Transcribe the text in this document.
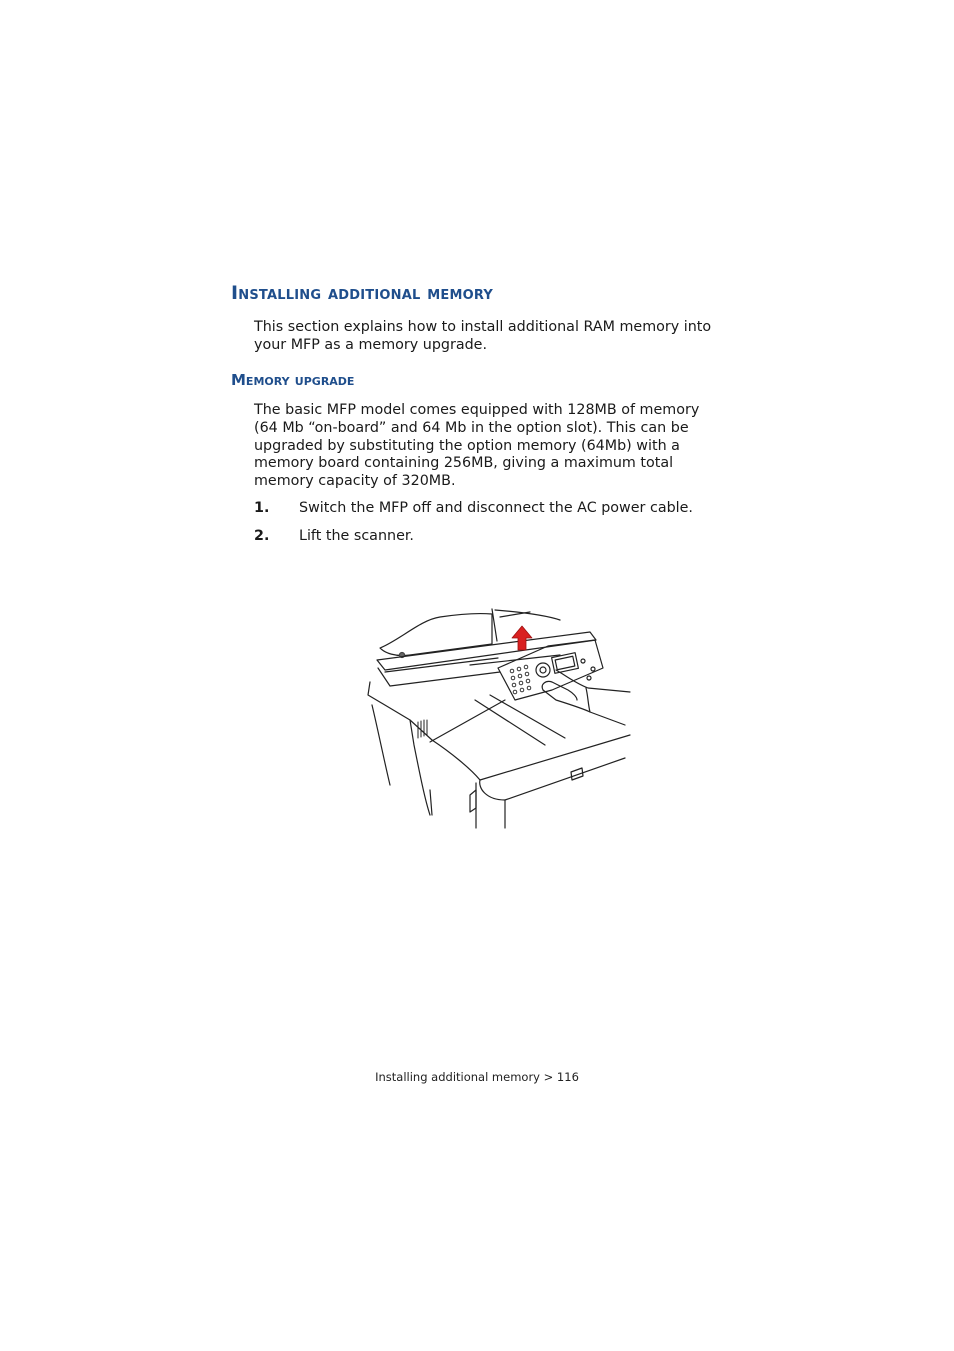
Installing additional memory

This section explains how to install additional RAM memory into your MFP as a memory upgrade.

Memory upgrade

The basic MFP model comes equipped with 128MB of memory
(64 Mb “on-board” and 64 Mb in the option slot). This can be
upgraded by substituting the option memory (64Mb) with a
memory board containing 256MB, giving a maximum total
memory capacity of 320MB.

1. Switch the MFP off and disconnect the AC power cable.

2. Lift the scanner.

Installing additional memory > 116
